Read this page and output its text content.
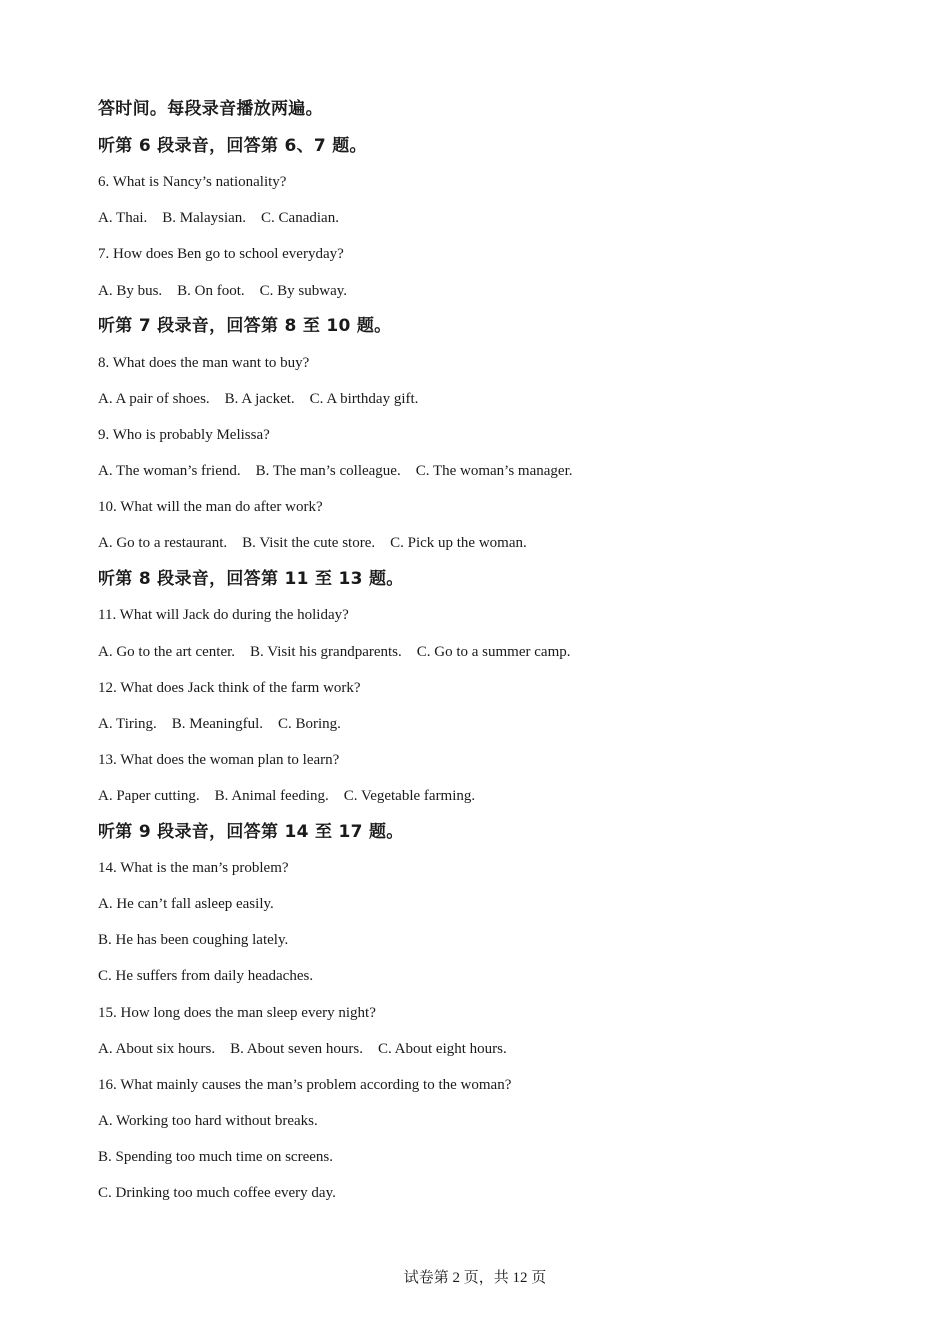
答时间。每段录音播放两遍。
听第 6 段录音，回答第 6、7 题。
6. What is Nancy’s nationality?
A. Thai.    B. Malaysian.    C. Canadian.
7. How does Ben go to school everyday?
A. By bus.    B. On foot.    C. By subway.
听第 7 段录音，回答第 8 至 10 题。
8. What does the man want to buy?
A. A pair of shoes.    B. A jacket.    C. A birthday gift.
9. Who is probably Melissa?
A. The woman’s friend.    B. The man’s colleague.    C. The woman’s manager.
10. What will the man do after work?
A. Go to a restaurant.    B. Visit the cute store.    C. Pick up the woman.
听第 8 段录音，回答第 11 至 13 题。
11. What will Jack do during the holiday?
A. Go to the art center.    B. Visit his grandparents.    C. Go to a summer camp.
12. What does Jack think of the farm work?
A. Tiring.    B. Meaningful.    C. Boring.
13. What does the woman plan to learn?
A. Paper cutting.    B. Animal feeding.    C. Vegetable farming.
听第 9 段录音，回答第 14 至 17 题。
14. What is the man’s problem?
A. He can’t fall asleep easily.
B. He has been coughing lately.
C. He suffers from daily headaches.
15. How long does the man sleep every night?
A. About six hours.    B. About seven hours.    C. About eight hours.
16. What mainly causes the man’s problem according to the woman?
A. Working too hard without breaks.
B. Spending too much time on screens.
C. Drinking too much coffee every day.
试卷第 2 页，共 12 页
